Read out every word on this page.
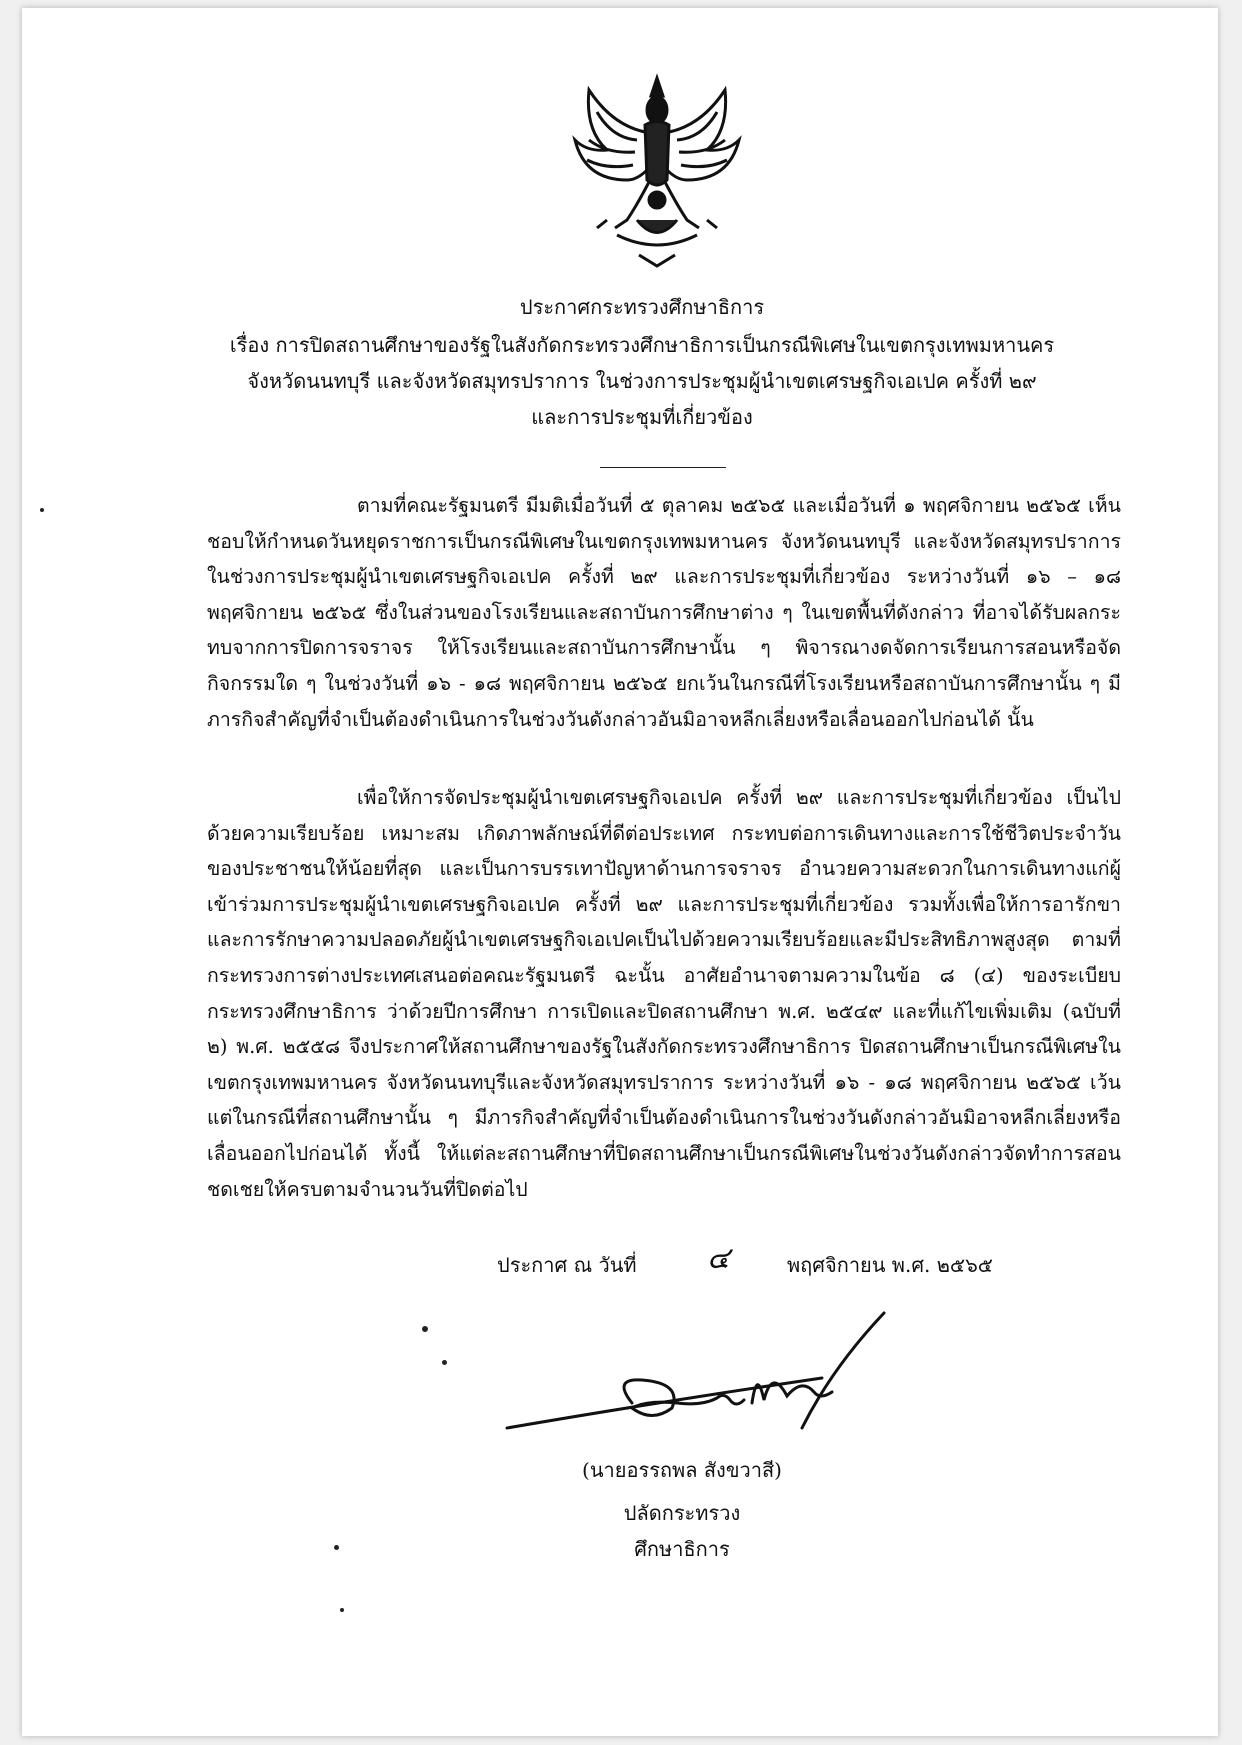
ประกาศกระทรวงศึกษาธิการ
เรื่อง การปิดสถานศึกษาของรัฐในสังกัดกระทรวงศึกษาธิการเป็นกรณีพิเศษในเขตกรุงเทพมหานคร
จังหวัดนนทบุรี และจังหวัดสมุทรปราการ ในช่วงการประชุมผู้นำเขตเศรษฐกิจเอเปค ครั้งที่ ๒๙
และการประชุมที่เกี่ยวข้อง

ตามที่คณะรัฐมนตรี มีมติเมื่อวันที่ ๕ ตุลาคม ๒๕๖๕ และเมื่อวันที่ ๑ พฤศจิกายน ๒๕๖๕ เห็นชอบให้กำหนดวันหยุดราชการเป็นกรณีพิเศษในเขตกรุงเทพมหานคร จังหวัดนนทบุรี และจังหวัดสมุทรปราการ ในช่วงการประชุมผู้นำเขตเศรษฐกิจเอเปค ครั้งที่ ๒๙ และการประชุมที่เกี่ยวข้อง ระหว่างวันที่ ๑๖ – ๑๘ พฤศจิกายน ๒๕๖๕ ซึ่งในส่วนของโรงเรียนและสถาบันการศึกษาต่าง ๆ ในเขตพื้นที่ดังกล่าว ที่อาจได้รับผลกระทบจากการปิดการจราจร ให้โรงเรียนและสถาบันการศึกษานั้น ๆ พิจารณางดจัดการเรียนการสอนหรือจัดกิจกรรมใด ๆ ในช่วงวันที่ ๑๖ - ๑๘ พฤศจิกายน ๒๕๖๕ ยกเว้นในกรณีที่โรงเรียนหรือสถาบันการศึกษานั้น ๆ มีภารกิจสำคัญที่จำเป็นต้องดำเนินการในช่วงวันดังกล่าวอันมิอาจหลีกเลี่ยงหรือเลื่อนออกไปก่อนได้ นั้น

เพื่อให้การจัดประชุมผู้นำเขตเศรษฐกิจเอเปค ครั้งที่ ๒๙ และการประชุมที่เกี่ยวข้อง เป็นไปด้วยความเรียบร้อย เหมาะสม เกิดภาพลักษณ์ที่ดีต่อประเทศ กระทบต่อการเดินทางและการใช้ชีวิตประจำวันของประชาชนให้น้อยที่สุด และเป็นการบรรเทาปัญหาด้านการจราจร อำนวยความสะดวกในการเดินทางแก่ผู้เข้าร่วมการประชุมผู้นำเขตเศรษฐกิจเอเปค ครั้งที่ ๒๙ และการประชุมที่เกี่ยวข้อง รวมทั้งเพื่อให้การอารักขาและการรักษาความปลอดภัยผู้นำเขตเศรษฐกิจเอเปคเป็นไปด้วยความเรียบร้อยและมีประสิทธิภาพสูงสุด ตามที่กระทรวงการต่างประเทศเสนอต่อคณะรัฐมนตรี ฉะนั้น อาศัยอำนาจตามความในข้อ ๘ (๔) ของระเบียบกระทรวงศึกษาธิการ ว่าด้วยปีการศึกษา การเปิดและปิดสถานศึกษา พ.ศ. ๒๕๔๙ และที่แก้ไขเพิ่มเติม (ฉบับที่ ๒) พ.ศ. ๒๕๕๘ จึงประกาศให้สถานศึกษาของรัฐในสังกัดกระทรวงศึกษาธิการ ปิดสถานศึกษาเป็นกรณีพิเศษในเขตกรุงเทพมหานคร จังหวัดนนทบุรีและจังหวัดสมุทรปราการ ระหว่างวันที่ ๑๖ - ๑๘ พฤศจิกายน ๒๕๖๕ เว้นแต่ในกรณีที่สถานศึกษานั้น ๆ มีภารกิจสำคัญที่จำเป็นต้องดำเนินการในช่วงวันดังกล่าวอันมิอาจหลีกเลี่ยงหรือเลื่อนออกไปก่อนได้ ทั้งนี้ ให้แต่ละสถานศึกษาที่ปิดสถานศึกษาเป็นกรณีพิเศษในช่วงวันดังกล่าวจัดทำการสอนชดเชยให้ครบตามจำนวนวันที่ปิดต่อไป

ประกาศ ณ วันที่ ๔	พฤศจิกายน พ.ศ. ๒๕๖๕
(นายอรรถพล สังขวาสี)
ปลัดกระทรวงศึกษาธิการ
